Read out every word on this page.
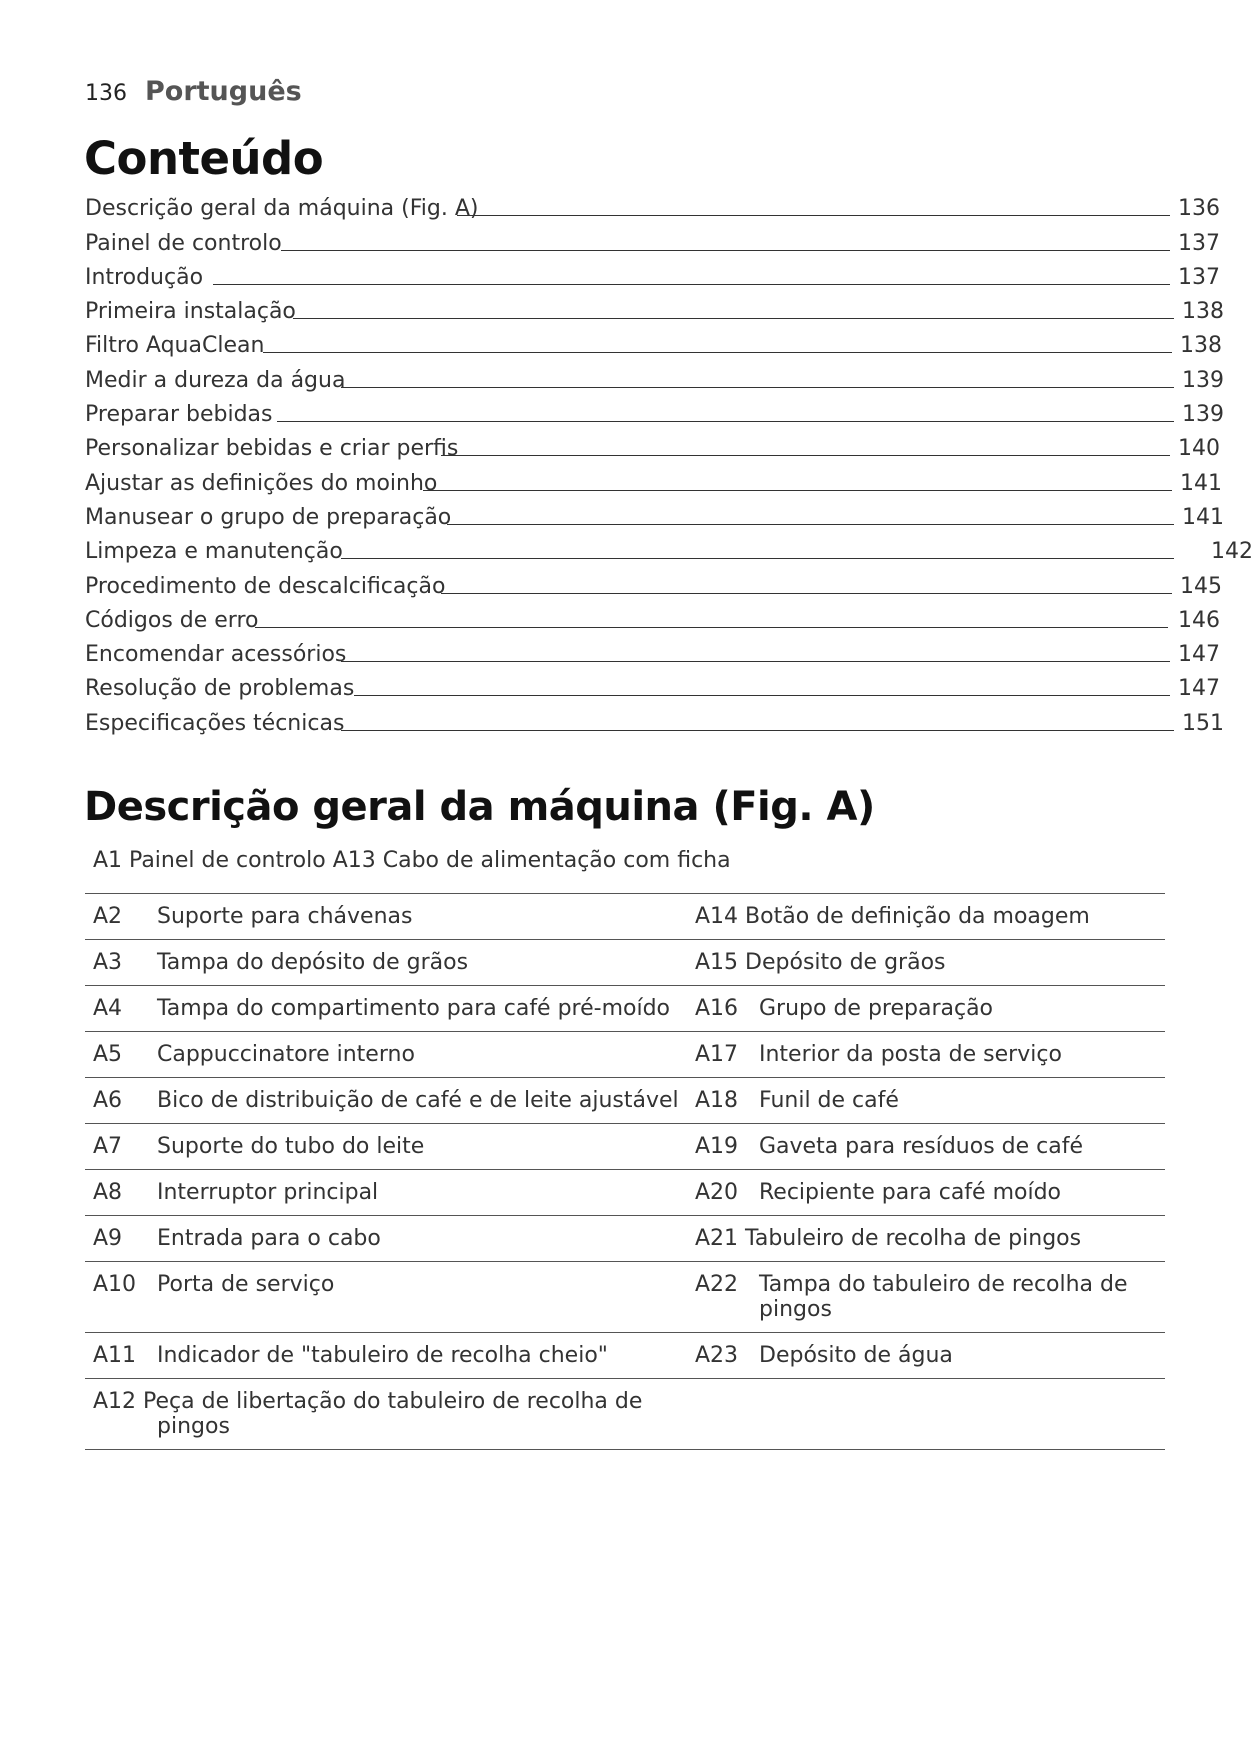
136 Português
Conteúdo
Descrição geral da máquina (Fig. A)	136
Painel de controlo	137
Introdução	137
Primeira instalação	138
Filtro AquaClean	138
Medir a dureza da água	139
Preparar bebidas	139
Personalizar bebidas e criar perfis	140
Ajustar as definições do moinho	141
Manusear o grupo de preparação	141
Limpeza e manutenção	142
Procedimento de descalcificação	145
Códigos de erro	146
Encomendar acessórios	147
Resolução de problemas	147
Especificações técnicas	151
Descrição geral da máquina (Fig. A)
A1 Painel de controlo A13 Cabo de alimentação com ficha
A2	Suporte para chávenas	A14 Botão de definição da moagem	
A3	Tampa do depósito de grãos	A15 Depósito de grãos	
A4	Tampa do compartimento para café pré-moído	A16	Grupo de preparação
A5	Cappuccinatore interno	A17	Interior da posta de serviço
A6	Bico de distribuição de café e de leite ajustável	A18	Funil de café
A7	Suporte do tubo do leite	A19	Gaveta para resíduos de café
A8	Interruptor principal	A20	Recipiente para café moído
A9	Entrada para o cabo	A21 Tabuleiro de recolha de pingos	
A10	Porta de serviço	A22	Tampa do tabuleiro de recolha de pingos
A11	Indicador de "tabuleiro de recolha cheio"	A23	Depósito de água

A12 Peça de libertação do tabuleiro de recolha de pingos			
